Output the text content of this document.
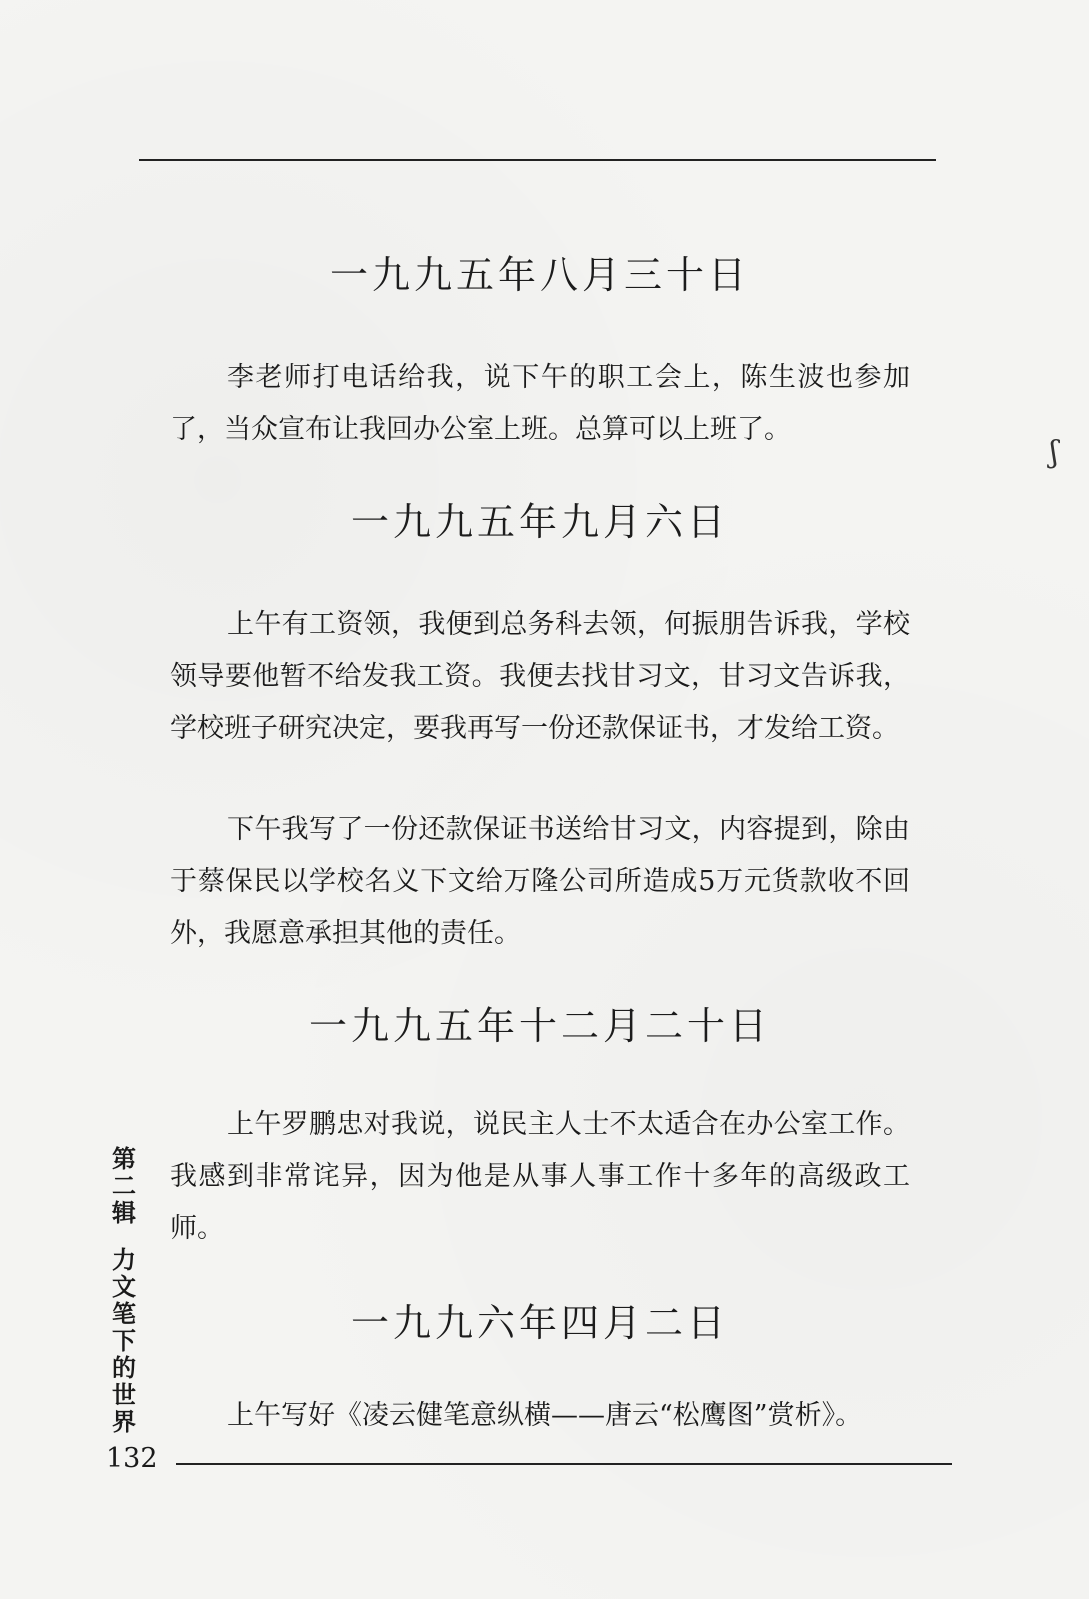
一九九五年八月三十日

李老师打电话给我，说下午的职工会上，陈生波也参加了，当众宣布让我回办公室上班。总算可以上班了。

一九九五年九月六日

上午有工资领，我便到总务科去领，何振朋告诉我，学校领导要他暂不给发我工资。我便去找甘习文，甘习文告诉我，学校班子研究决定，要我再写一份还款保证书，才发给工资。

下午我写了一份还款保证书送给甘习文，内容提到，除由于蔡保民以学校名义下文给万隆公司所造成5万元货款收不回外，我愿意承担其他的责任。

一九九五年十二月二十日

上午罗鹏忠对我说，说民主人士不太适合在办公室工作。我感到非常诧异，因为他是从事人事工作十多年的高级政工师。

一九九六年四月二日

上午写好《凌云健笔意纵横——唐云“松鹰图”赏析》。

第二辑
力文笔下的世界
132
ʃ
